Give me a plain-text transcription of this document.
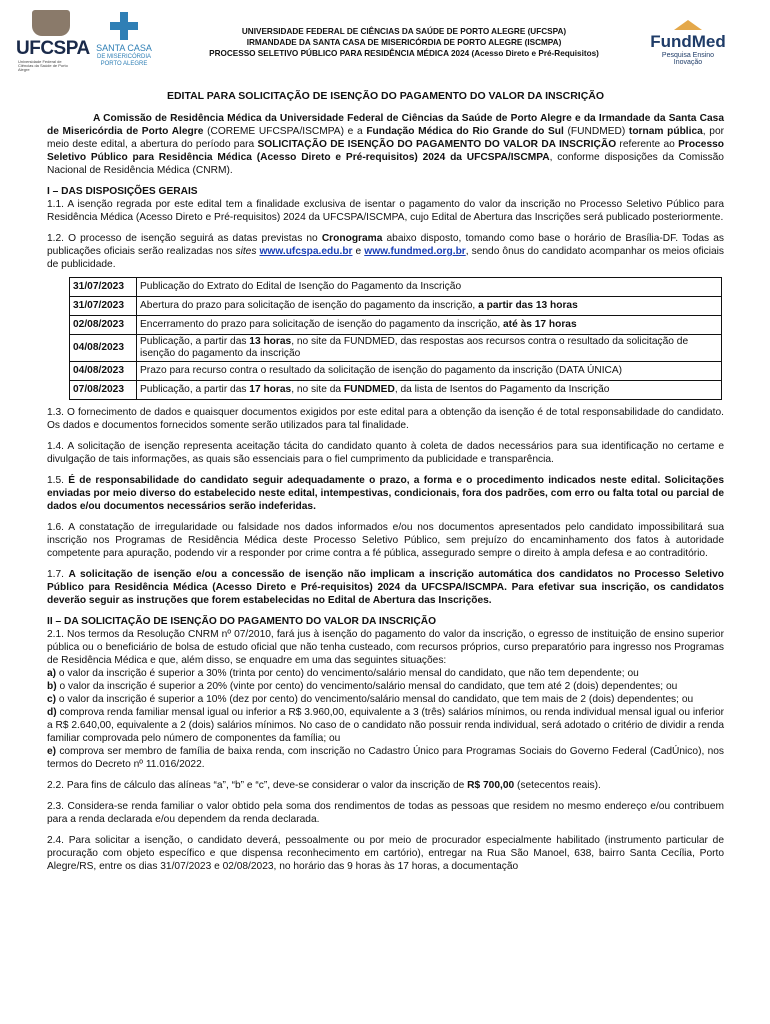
UFCSPA
Universidade Federal de Ciências da Saúde de Porto Alegre
SANTA CASA
DE MISERICÓRDIA PORTO ALEGRE
UNIVERSIDADE FEDERAL DE CIÊNCIAS DA SAÚDE DE PORTO ALEGRE (UFCSPA)
IRMANDADE DA SANTA CASA DE MISERICÓRDIA DE PORTO ALEGRE (ISCMPA)
PROCESSO SELETIVO PÚBLICO PARA RESIDÊNCIA MÉDICA 2024 (Acesso Direto e Pré-Requisitos)
FundMed
Pesquisa Ensino Inovação
EDITAL PARA SOLICITAÇÃO DE ISENÇÃO DO PAGAMENTO DO VALOR DA INSCRIÇÃO

A Comissão de Residência Médica da Universidade Federal de Ciências da Saúde de Porto Alegre e da Irmandade da Santa Casa de Misericórdia de Porto Alegre (COREME UFCSPA/ISCMPA) e a Fundação Médica do Rio Grande do Sul (FUNDMED) tornam pública, por meio deste edital, a abertura do período para SOLICITAÇÃO DE ISENÇÃO DO PAGAMENTO DO VALOR DA INSCRIÇÃO referente ao Processo Seletivo Público para Residência Médica (Acesso Direto e Pré-requisitos) 2024 da UFCSPA/ISCMPA, conforme disposições da Comissão Nacional de Residência Médica (CNRM).

I – DAS DISPOSIÇÕES GERAIS

1.1. A isenção regrada por este edital tem a finalidade exclusiva de isentar o pagamento do valor da inscrição no Processo Seletivo Público para Residência Médica (Acesso Direto e Pré-requisitos) 2024 da UFCSPA/ISCMPA, cujo Edital de Abertura das Inscrições será publicado posteriormente.

1.2. O processo de isenção seguirá as datas previstas no Cronograma abaixo disposto, tomando como base o horário de Brasília-DF. Todas as publicações oficiais serão realizadas nos sites www.ufcspa.edu.br e www.fundmed.org.br, sendo ônus do candidato acompanhar os meios oficiais de publicidade.

31/07/2023	Publicação do Extrato do Edital de Isenção do Pagamento da Inscrição
31/07/2023	Abertura do prazo para solicitação de isenção do pagamento da inscrição, a partir das 13 horas
02/08/2023	Encerramento do prazo para solicitação de isenção do pagamento da inscrição, até às 17 horas
04/08/2023	Publicação, a partir das 13 horas, no site da FUNDMED, das respostas aos recursos contra o resultado da solicitação de isenção do pagamento da inscrição
04/08/2023	Prazo para recurso contra o resultado da solicitação de isenção do pagamento da inscrição (DATA ÚNICA)
07/08/2023	Publicação, a partir das 17 horas, no site da FUNDMED, da lista de Isentos do Pagamento da Inscrição

1.3. O fornecimento de dados e quaisquer documentos exigidos por este edital para a obtenção da isenção é de total responsabilidade do candidato. Os dados e documentos fornecidos somente serão utilizados para tal finalidade.

1.4. A solicitação de isenção representa aceitação tácita do candidato quanto à coleta de dados necessários para sua identificação no certame e divulgação de tais informações, as quais são essenciais para o fiel cumprimento da publicidade e transparência.

1.5. É de responsabilidade do candidato seguir adequadamente o prazo, a forma e o procedimento indicados neste edital. Solicitações enviadas por meio diverso do estabelecido neste edital, intempestivas, condicionais, fora dos padrões, com erro ou falta total ou parcial de dados e/ou documentos necessários serão indeferidas.

1.6. A constatação de irregularidade ou falsidade nos dados informados e/ou nos documentos apresentados pelo candidato impossibilitará sua inscrição nos Programas de Residência Médica deste Processo Seletivo Público, sem prejuízo do encaminhamento dos fatos à autoridade competente para apuração, podendo vir a responder por crime contra a fé pública, assegurado sempre o direito à ampla defesa e ao contraditório.

1.7. A solicitação de isenção e/ou a concessão de isenção não implicam a inscrição automática dos candidatos no Processo Seletivo Público para Residência Médica (Acesso Direto e Pré-requisitos) 2024 da UFCSPA/ISCMPA. Para efetivar sua inscrição, os candidatos deverão seguir as instruções que forem estabelecidas no Edital de Abertura das Inscrições.

II – DA SOLICITAÇÃO DE ISENÇÃO DO PAGAMENTO DO VALOR DA INSCRIÇÃO

2.1. Nos termos da Resolução CNRM nº 07/2010, fará jus à isenção do pagamento do valor da inscrição, o egresso de instituição de ensino superior pública ou o beneficiário de bolsa de estudo oficial que não tenha custeado, com recursos próprios, curso preparatório para ingresso nos Programas de Residência Médica e que, além disso, se enquadre em uma das seguintes situações:

a) o valor da inscrição é superior a 30% (trinta por cento) do vencimento/salário mensal do candidato, que não tem dependente; ou

b) o valor da inscrição é superior a 20% (vinte por cento) do vencimento/salário mensal do candidato, que tem até 2 (dois) dependentes; ou

c) o valor da inscrição é superior a 10% (dez por cento) do vencimento/salário mensal do candidato, que tem mais de 2 (dois) dependentes; ou

d) comprova renda familiar mensal igual ou inferior a R$ 3.960,00, equivalente a 3 (três) salários mínimos, ou renda individual mensal igual ou inferior a R$ 2.640,00, equivalente a 2 (dois) salários mínimos. No caso de o candidato não possuir renda individual, será adotado o critério de dividir a renda familiar comprovada pelo número de componentes da família; ou

e) comprova ser membro de família de baixa renda, com inscrição no Cadastro Único para Programas Sociais do Governo Federal (CadÚnico), nos termos do Decreto nº 11.016/2022.

2.2. Para fins de cálculo das alíneas “a”, “b” e “c”, deve-se considerar o valor da inscrição de R$ 700,00 (setecentos reais).

2.3. Considera-se renda familiar o valor obtido pela soma dos rendimentos de todas as pessoas que residem no mesmo endereço e/ou contribuem para a renda declarada e/ou dependem da renda declarada.

2.4. Para solicitar a isenção, o candidato deverá, pessoalmente ou por meio de procurador especialmente habilitado (instrumento particular de procuração com objeto específico e que dispensa reconhecimento em cartório), entregar na Rua São Manoel, 638, bairro Santa Cecília, Porto Alegre/RS, entre os dias 31/07/2023 e 02/08/2023, no horário das 9 horas às 17 horas, a documentação
